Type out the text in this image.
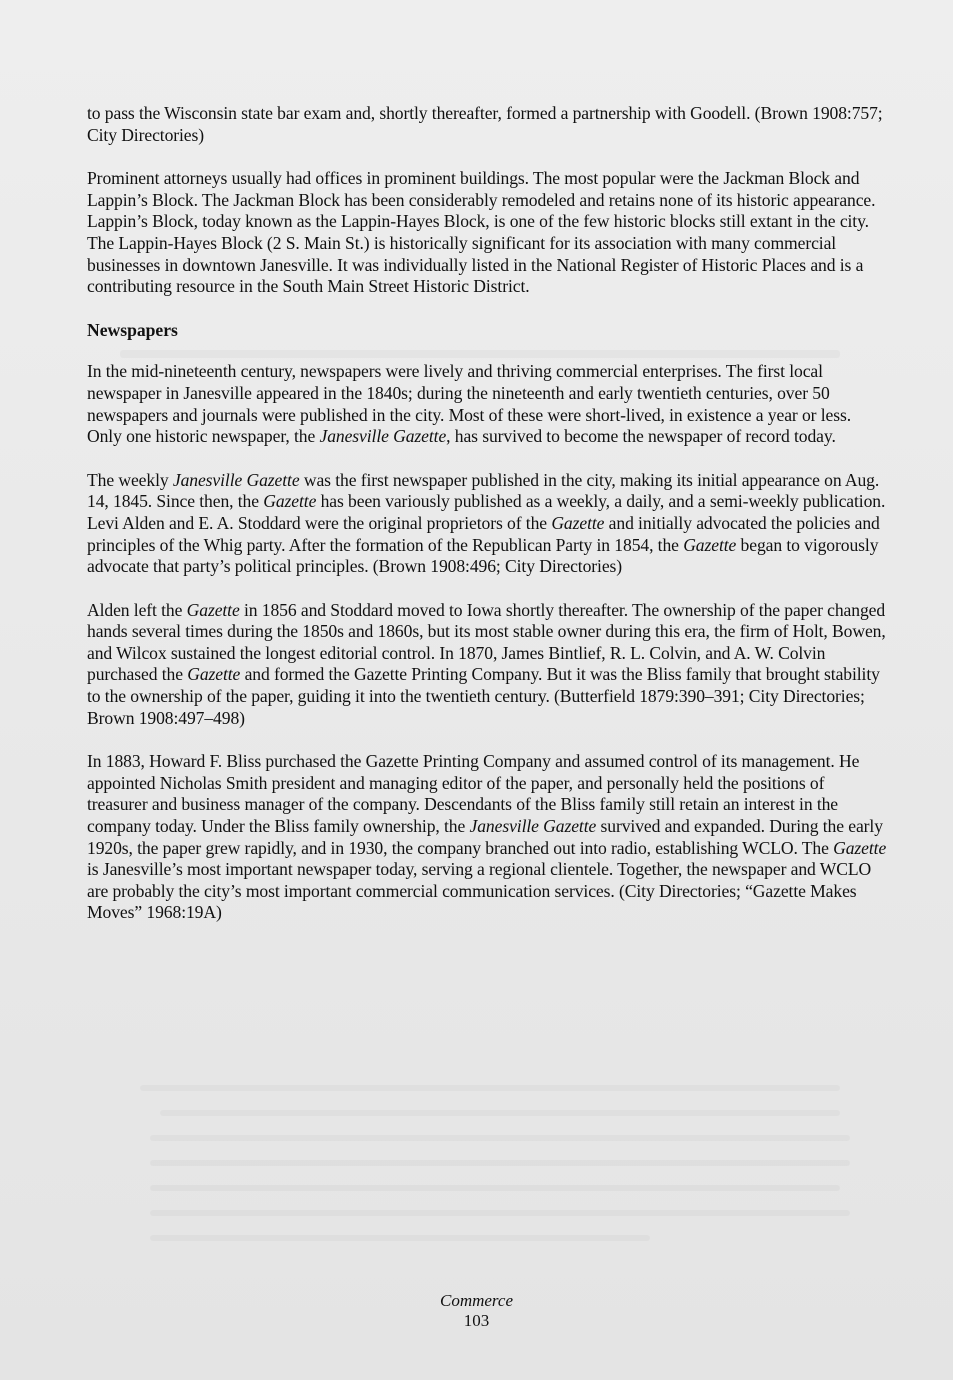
to pass the Wisconsin state bar exam and, shortly thereafter, formed a partnership with Goodell. (Brown 1908:757; City Directories)

Prominent attorneys usually had offices in prominent buildings. The most popular were the Jackman Block and Lappin’s Block. The Jackman Block has been considerably remodeled and retains none of its historic appearance. Lappin’s Block, today known as the Lappin-Hayes Block, is one of the few historic blocks still extant in the city. The Lappin-Hayes Block (2 S. Main St.) is historically significant for its association with many commercial businesses in downtown Janesville. It was individually listed in the National Register of Historic Places and is a contributing resource in the South Main Street Historic District.

Newspapers

In the mid-nineteenth century, newspapers were lively and thriving commercial enterprises. The first local newspaper in Janesville appeared in the 1840s; during the nineteenth and early twentieth centuries, over 50 newspapers and journals were published in the city. Most of these were short-lived, in existence a year or less. Only one historic newspaper, the Janesville Gazette, has survived to become the newspaper of record today.

The weekly Janesville Gazette was the first newspaper published in the city, making its initial appearance on Aug. 14, 1845. Since then, the Gazette has been variously published as a weekly, a daily, and a semi-weekly publication. Levi Alden and E. A. Stoddard were the original proprietors of the Gazette and initially advocated the policies and principles of the Whig party. After the formation of the Republican Party in 1854, the Gazette began to vigorously advocate that party’s political principles. (Brown 1908:496; City Directories)

Alden left the Gazette in 1856 and Stoddard moved to Iowa shortly thereafter. The ownership of the paper changed hands several times during the 1850s and 1860s, but its most stable owner during this era, the firm of Holt, Bowen, and Wilcox sustained the longest editorial control. In 1870, James Bintlief, R. L. Colvin, and A. W. Colvin purchased the Gazette and formed the Gazette Printing Company. But it was the Bliss family that brought stability to the ownership of the paper, guiding it into the twentieth century. (Butterfield 1879:390–391; City Directories; Brown 1908:497–498)

In 1883, Howard F. Bliss purchased the Gazette Printing Company and assumed control of its management. He appointed Nicholas Smith president and managing editor of the paper, and personally held the positions of treasurer and business manager of the company. Descendants of the Bliss family still retain an interest in the company today. Under the Bliss family ownership, the Janesville Gazette survived and expanded. During the early 1920s, the paper grew rapidly, and in 1930, the company branched out into radio, establishing WCLO. The Gazette is Janesville’s most important newspaper today, serving a regional clientele. Together, the newspaper and WCLO are probably the city’s most important commercial communication services. (City Directories; “Gazette Makes Moves” 1968:19A)

Commerce
103
